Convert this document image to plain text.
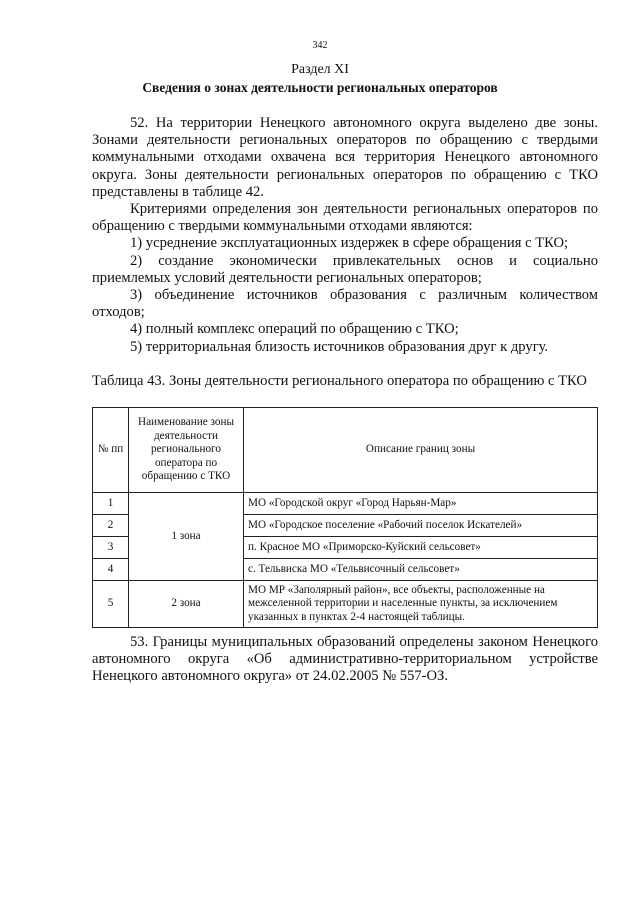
342
Раздел XI
Сведения о зонах деятельности региональных операторов

52. На территории Ненецкого автономного округа выделено две зоны. Зонами деятельности региональных операторов по обращению с твердыми коммунальными отходами охвачена вся территория Ненецкого автономного округа. Зоны деятельности региональных операторов по обращению с ТКО представлены в таблице 42.

Критериями определения зон деятельности региональных операторов по обращению с твердыми коммунальными отходами являются:

1) усреднение эксплуатационных издержек в сфере обращения с ТКО;

2) создание экономически привлекательных основ и социально приемлемых условий деятельности региональных операторов;

3) объединение источников образования с различным количеством отходов;

4) полный комплекс операций по обращению с ТКО;

5) территориальная близость источников образования друг к другу.

Таблица 43. Зоны деятельности регионального оператора по обращению с ТКО
№ пп	Наименование зоны деятельности регионального оператора по обращению с ТКО	Описание границ зоны
1	1 зона	МО «Городской округ «Город Нарьян-Мар»
2		МО «Городское поселение «Рабочий поселок Искателей»
3		п. Красное МО «Приморско-Куйский сельсовет»
4		с. Тельвиска МО «Тельвисочный сельсовет»
5	2 зона	МО МР «Заполярный район», все объекты, расположенные на межселенной территории и населенные пункты, за исключением указанных в пунктах 2-4 настоящей таблицы.

53. Границы муниципальных образований определены законом Ненецкого автономного округа «Об административно-территориальном устройстве Ненецкого автономного округа» от 24.02.2005 № 557-ОЗ.
